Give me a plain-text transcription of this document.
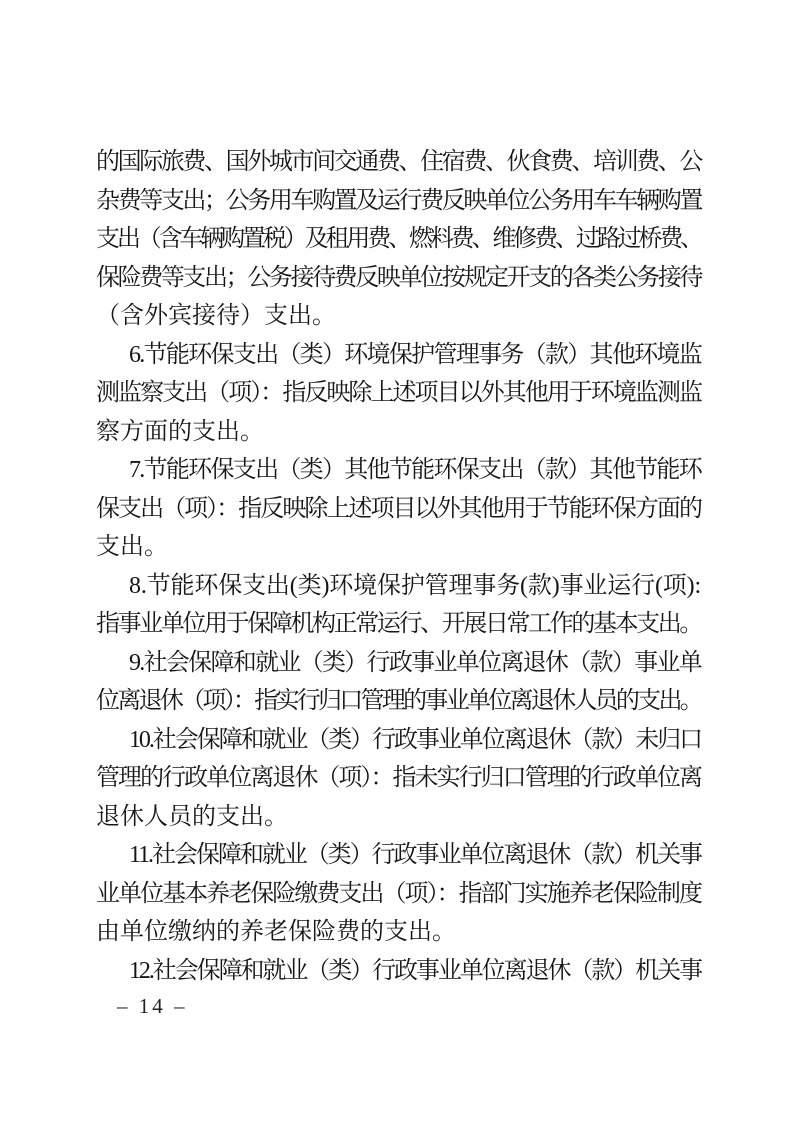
的国际旅费、国外城市间交通费、住宿费、伙食费、培训费、公
杂费等支出；公务用车购置及运行费反映单位公务用车车辆购置
支出（含车辆购置税）及租用费、燃料费、维修费、过路过桥费、
保险费等支出；公务接待费反映单位按规定开支的各类公务接待
（含外宾接待）支出。
6.节能环保支出（类）环境保护管理事务（款）其他环境监
测监察支出（项）：指反映除上述项目以外其他用于环境监测监
察方面的支出。
7.节能环保支出（类）其他节能环保支出（款）其他节能环
保支出（项）：指反映除上述项目以外其他用于节能环保方面的
支出。
8.节能环保支出(类)环境保护管理事务(款)事业运行(项):
指事业单位用于保障机构正常运行、开展日常工作的基本支出。
9.社会保障和就业（类）行政事业单位离退休（款）事业单
位离退休（项）：指实行归口管理的事业单位离退休人员的支出。
10.社会保障和就业（类）行政事业单位离退休（款）未归口
管理的行政单位离退休（项）：指未实行归口管理的行政单位离
退休人员的支出。
11.社会保障和就业（类）行政事业单位离退休（款）机关事
业单位基本养老保险缴费支出（项）：指部门实施养老保险制度
由单位缴纳的养老保险费的支出。
12.社会保障和就业（类）行政事业单位离退休（款）机关事
– 14 –
